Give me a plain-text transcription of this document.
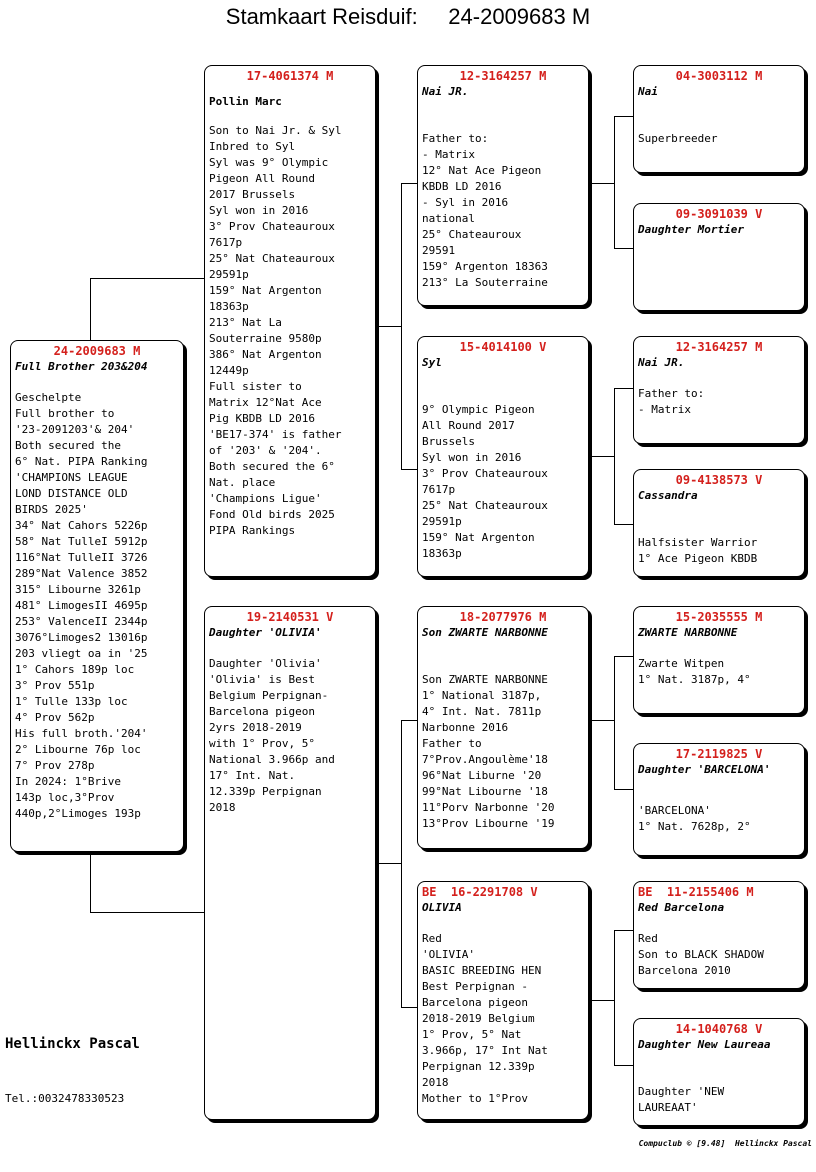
Stamkaart Reisduif:     24-2009683 M
24-2009683 M
Full Brother 203&204
Geschelpte
Full brother to
'23-2091203'& 204'
Both secured the
6° Nat. PIPA Ranking
'CHAMPIONS LEAGUE
LOND DISTANCE OLD
BIRDS 2025'
34° Nat Cahors 5226p
58° Nat TulleI 5912p
116°Nat TulleII 3726
289°Nat Valence 3852
315° Libourne 3261p
481° LimogesII 4695p
253° ValenceII 2344p
3076°Limoges2 13016p
203 vliegt oa in '25
1° Cahors 189p loc
3° Prov 551p
1° Tulle 133p loc
4° Prov 562p
His full broth.'204'
2° Libourne 76p loc
7° Prov 278p
In 2024: 1°Brive
143p loc,3°Prov
440p,2°Limoges 193p
17-4061374 M
Pollin Marc
Son to Nai Jr. & Syl
Inbred to Syl
Syl was 9° Olympic
Pigeon All Round
2017 Brussels
Syl won in 2016
3° Prov Chateauroux
7617p
25° Nat Chateauroux
29591p
159° Nat Argenton
18363p
213° Nat La
Souterraine 9580p
386° Nat Argenton
12449p
Full sister to
Matrix 12°Nat Ace
Pig KBDB LD 2016
'BE17-374' is father
of '203' & '204'.
Both secured the 6°
Nat. place
'Champions Ligue'
Fond Old birds 2025
PIPA Rankings
19-2140531 V
Daughter 'OLIVIA'
Daughter 'Olivia'
'Olivia' is Best
Belgium Perpignan-
Barcelona pigeon
2yrs 2018-2019
with 1° Prov, 5°
National 3.966p and
17° Int. Nat.
12.339p Perpignan
2018
12-3164257 M
Nai JR.
Father to:
- Matrix
12° Nat Ace Pigeon
KBDB LD 2016
- Syl in 2016
national
25° Chateauroux
29591
159° Argenton 18363
213° La Souterraine
15-4014100 V
Syl
9° Olympic Pigeon
All Round 2017
Brussels
Syl won in 2016
3° Prov Chateauroux
7617p
25° Nat Chateauroux
29591p
159° Nat Argenton
18363p
18-2077976 M
Son ZWARTE NARBONNE
Son ZWARTE NARBONNE
1° National 3187p,
4° Int. Nat. 7811p
Narbonne 2016
Father to
7°Prov.Angoulème'18
96°Nat Liburne '20
99°Nat Libourne '18
11°Porv Narbonne '20
13°Prov Libourne '19
BE  16-2291708 V
OLIVIA
Red
'OLIVIA'
BASIC BREEDING HEN
Best Perpignan -
Barcelona pigeon
2018-2019 Belgium
1° Prov, 5° Nat
3.966p, 17° Int Nat
Perpignan 12.339p
2018
Mother to 1°Prov
04-3003112 M
Nai
Superbreeder
09-3091039 V
Daughter Mortier
12-3164257 M
Nai JR.
Father to:
- Matrix
09-4138573 V
Cassandra
Halfsister Warrior
1° Ace Pigeon KBDB
15-2035555 M
ZWARTE NARBONNE
Zwarte Witpen
1° Nat. 3187p, 4°
17-2119825 V
Daughter 'BARCELONA'
'BARCELONA'
1° Nat. 7628p, 2°
BE  11-2155406 M
Red Barcelona
Red
Son to BLACK SHADOW
Barcelona 2010
14-1040768 V
Daughter New Laureaa
Daughter 'NEW
LAUREAAT'
Hellinckx Pascal
Tel.:0032478330523
Compuclub © [9.48]  Hellinckx Pascal
